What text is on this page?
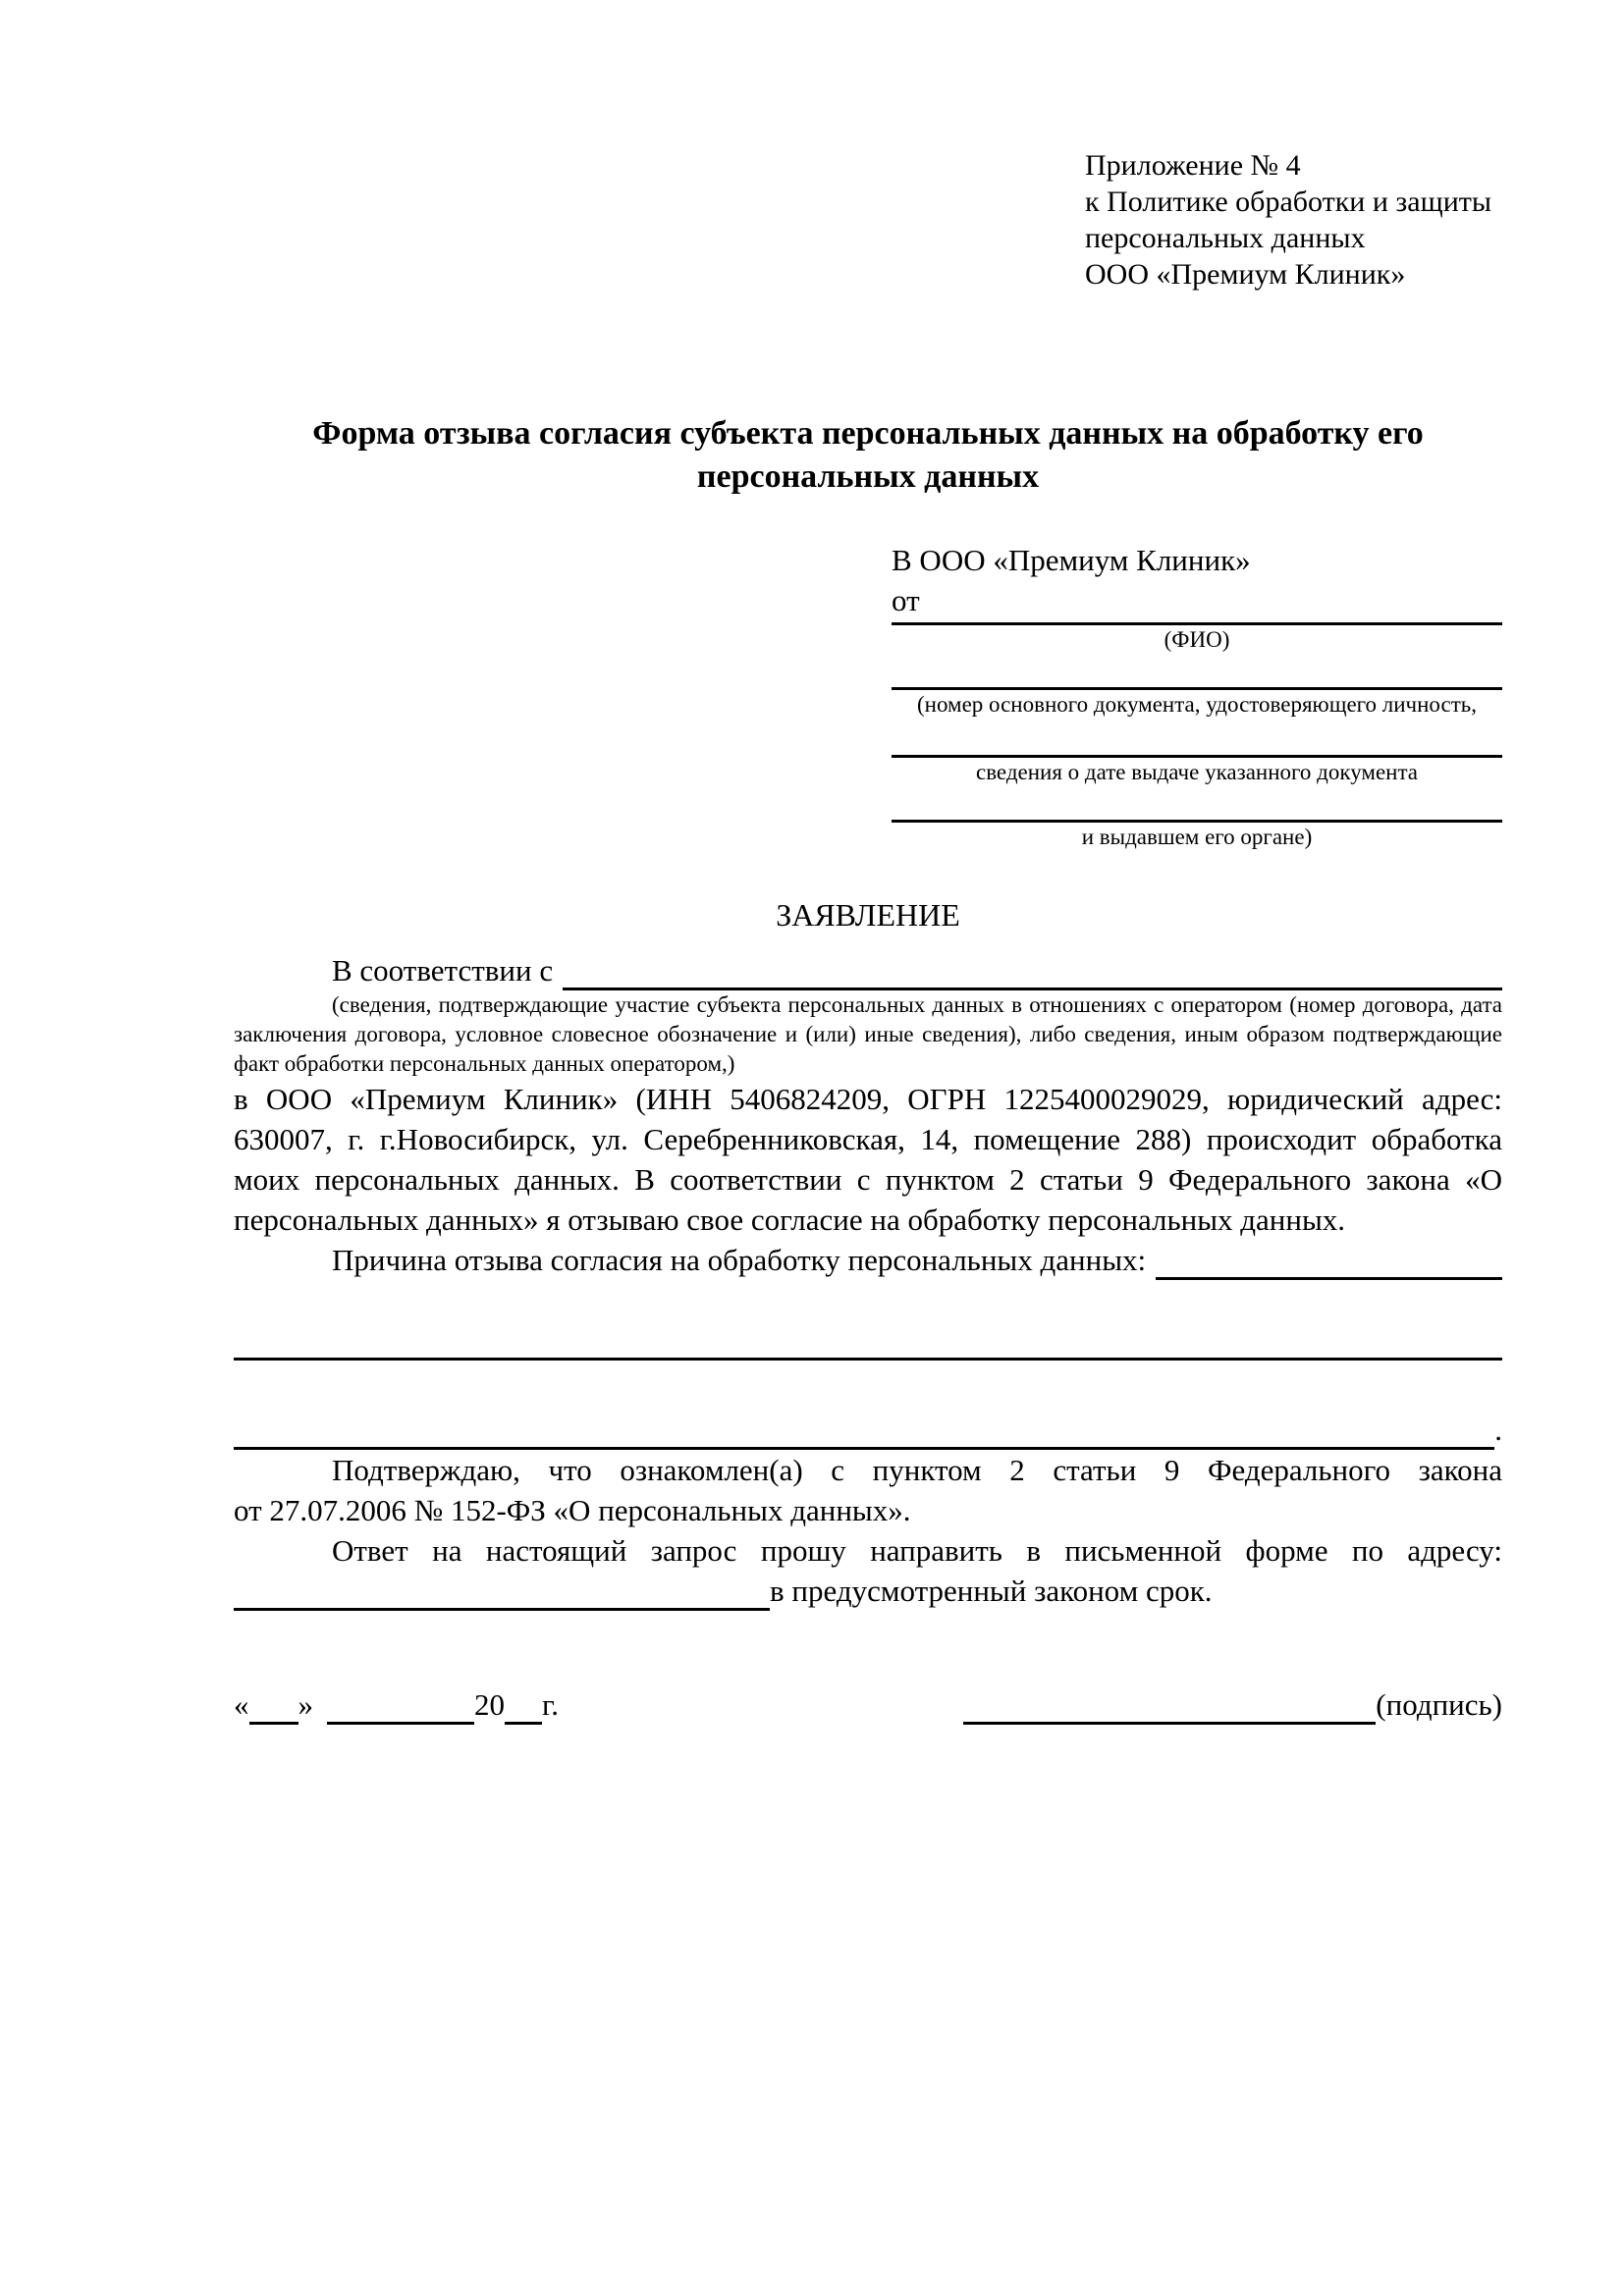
Приложение № 4
к Политике обработки и защиты
персональных данных
ООО «Премиум Клиник»
Форма отзыва согласия субъекта персональных данных на обработку его персональных данных
В ООО «Премиум Клиник»
от
(ФИО)
(номер основного документа, удостоверяющего личность,
сведения о дате выдаче указанного документа
и выдавшем его органе)
ЗАЯВЛЕНИЕ
В соответствии с
(сведения, подтверждающие участие субъекта персональных данных в отношениях с оператором (номер договора, дата заключения договора, условное словесное обозначение и (или) иные сведения), либо сведения, иным образом подтверждающие факт обработки персональных данных оператором,)
в ООО «Премиум Клиник» (ИНН 5406824209, ОГРН 1225400029029, юридический адрес: 630007, г. г.Новосибирск, ул. Серебренниковская, 14, помещение 288) происходит обработка моих персональных данных. В соответствии с пунктом 2 статьи 9 Федерального закона «О персональных данных» я отзываю свое согласие на обработку персональных данных.
Причина отзыва согласия на обработку персональных данных:
.
Подтверждаю, что ознакомлен(а) с пунктом 2 статьи 9 Федерального закона
от 27.07.2006 № 152-ФЗ «О персональных данных».
Ответ на настоящий запрос прошу направить в письменной форме по адресу:
в предусмотренный законом срок.
« »	20 г.	(подпись)
